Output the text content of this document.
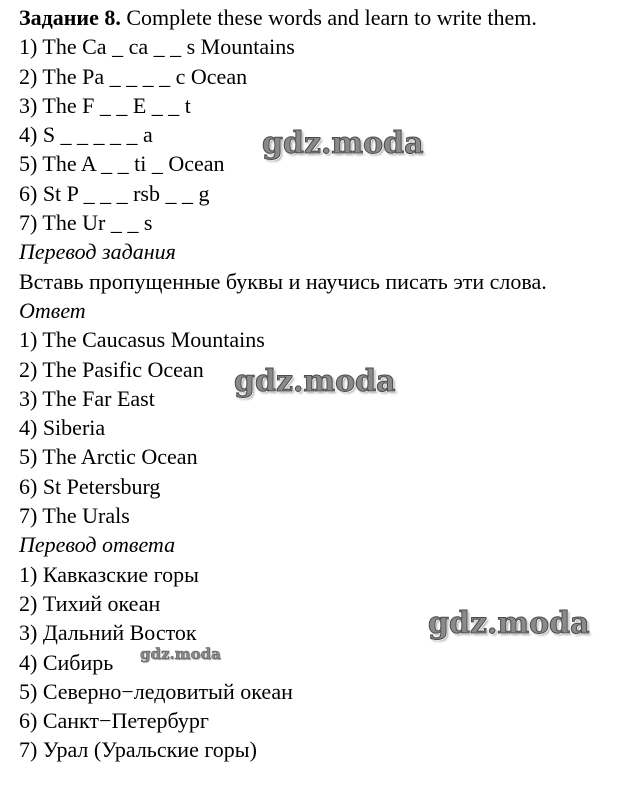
Задание 8. Complete these words and learn to write them.
1) The Ca _ ca _ _ s Mountains
2) The Pa _ _ _ _ c Ocean
3) The F _ _ E _ _ t
4) S _ _ _ _ _ a
5) The A _ _ ti _ Ocean
6) St P _ _ _ rsb _ _ g
7) The Ur _ _ s
Перевод задания
Вставь пропущенные буквы и научись писать эти слова.
Ответ
1) The Caucasus Mountains
2) The Pasific Ocean
3) The Far East
4) Siberia
5) The Arctic Ocean
6) St Petersburg
7) The Urals
Перевод ответа
1) Кавказские горы
2) Тихий океан
3) Дальний Восток
4) Сибирь
5) Северно−ледовитый океан
6) Санкт−Петербург
7) Урал (Уральские горы)
gdz.moda
gdz.moda
gdz.moda
gdz.moda
